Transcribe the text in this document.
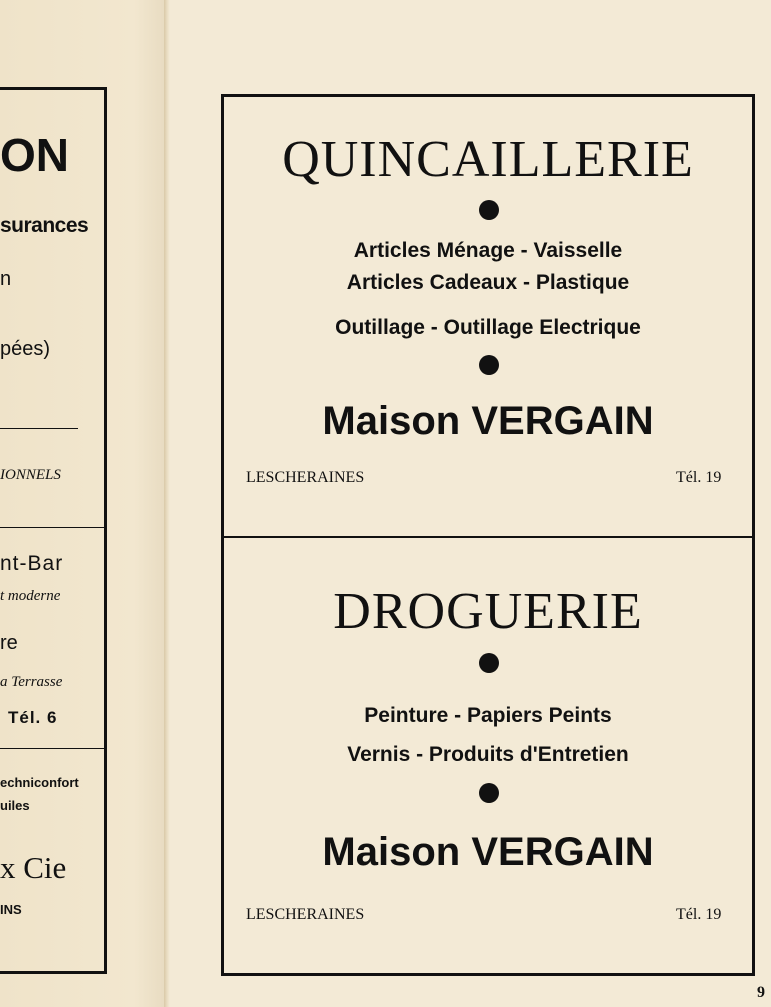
ON
surances
n
pées)
IONNELS
nt-Bar
t moderne
re
a Terrasse
Tél. 6
echniconfort
uiles
x Cie
INS
QUINCAILLERIE
Articles Ménage - Vaisselle
Articles Cadeaux - Plastique
Outillage - Outillage Electrique
Maison VERGAIN
LESCHERAINES	Tél. 19
DROGUERIE
Peinture - Papiers Peints
Vernis - Produits d'Entretien
Maison VERGAIN
LESCHERAINES	Tél. 19
9
